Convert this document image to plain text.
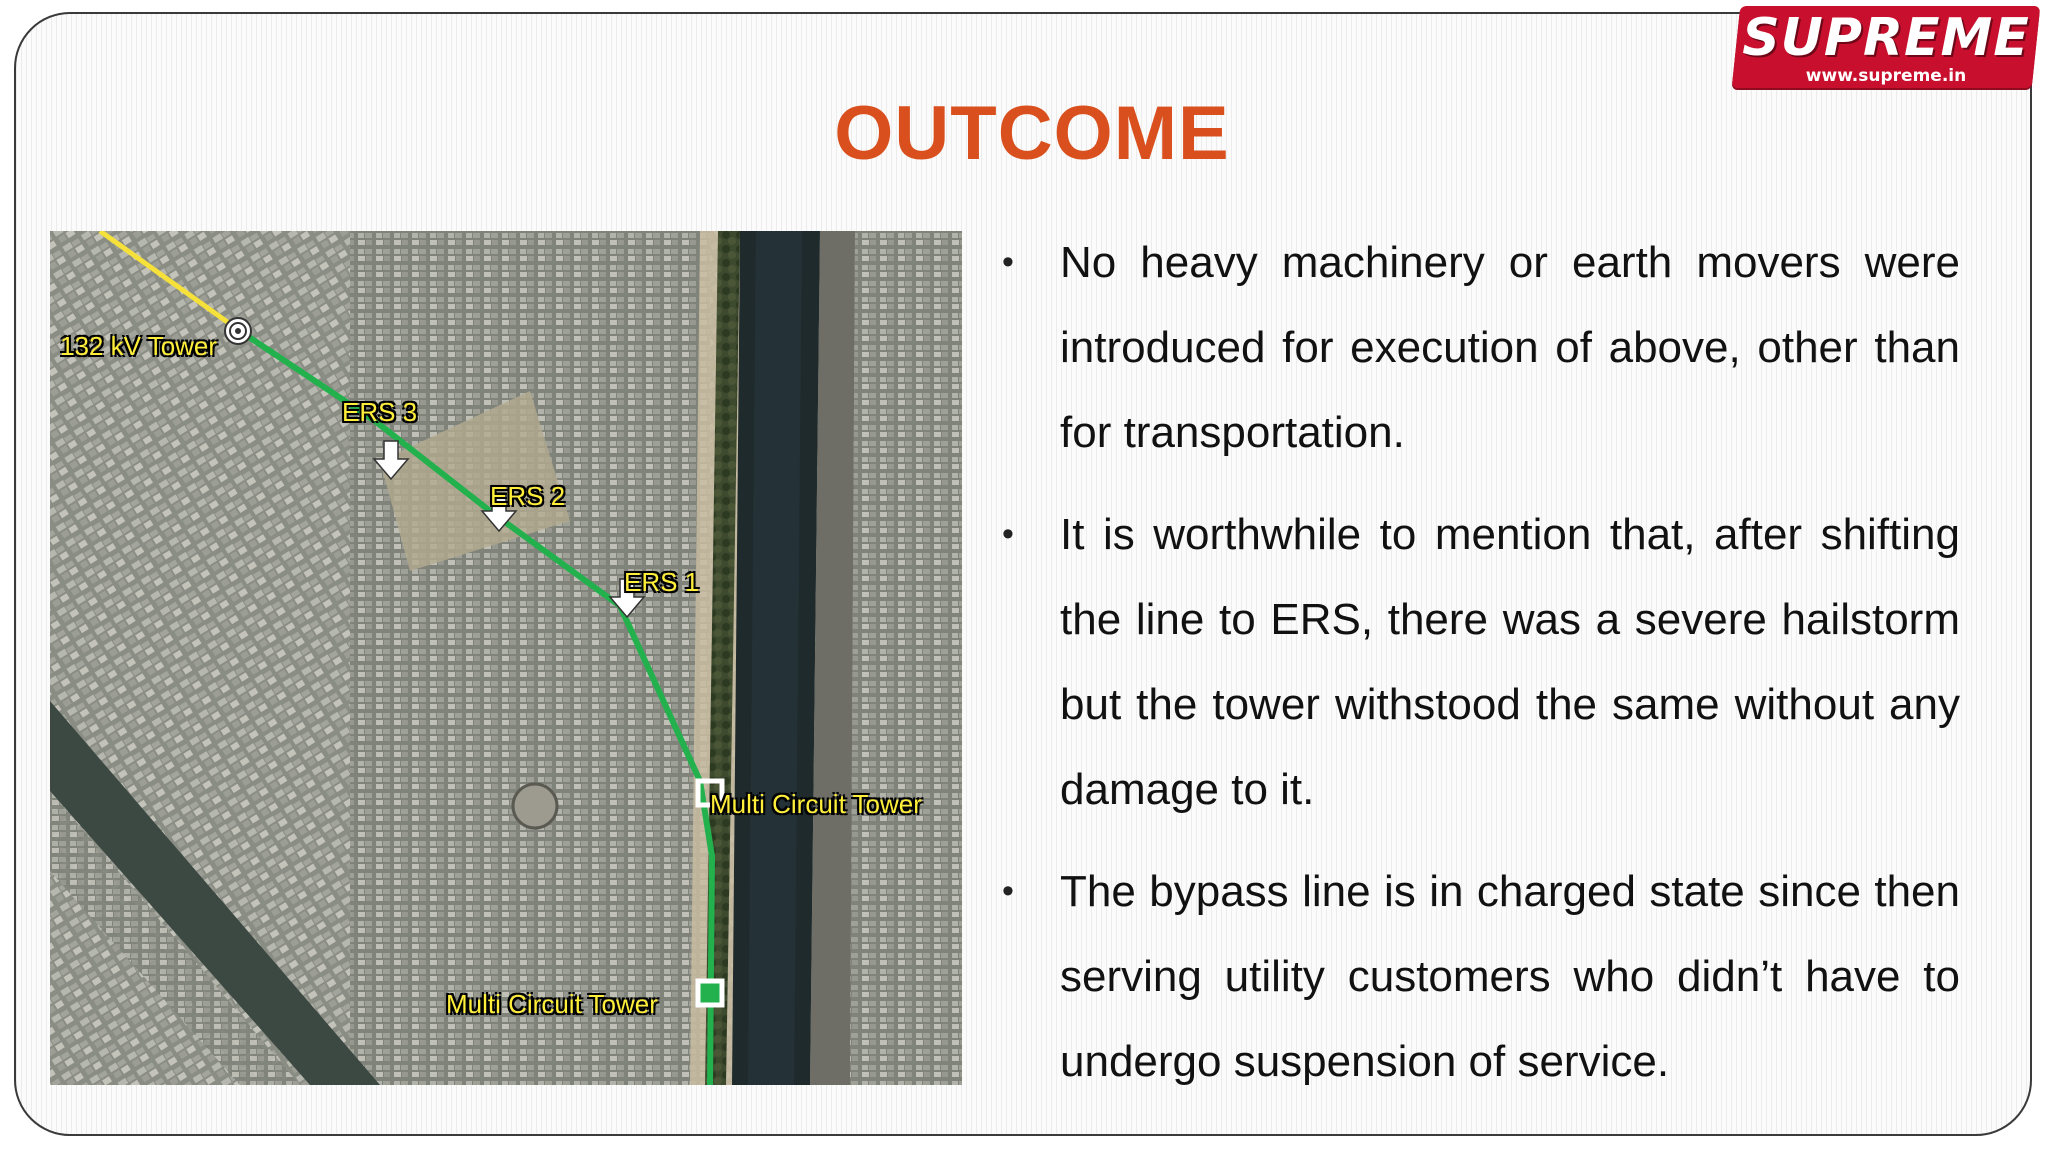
SUPREME
www.supreme.in
OUTCOME
132 kV Tower
ERS 3
ERS 2
ERS 1
Multi Circuit Tower
Multi Circuit Tower
• No heavy machinery or earth movers were introduced for execution of above, other than for transportation.
• It is worthwhile to mention that, after shifting the line to ERS, there was a severe hailstorm but the tower withstood the same without any damage to it.
• The bypass line is in charged state since then serving utility customers who didn’t have to undergo suspension of service.
